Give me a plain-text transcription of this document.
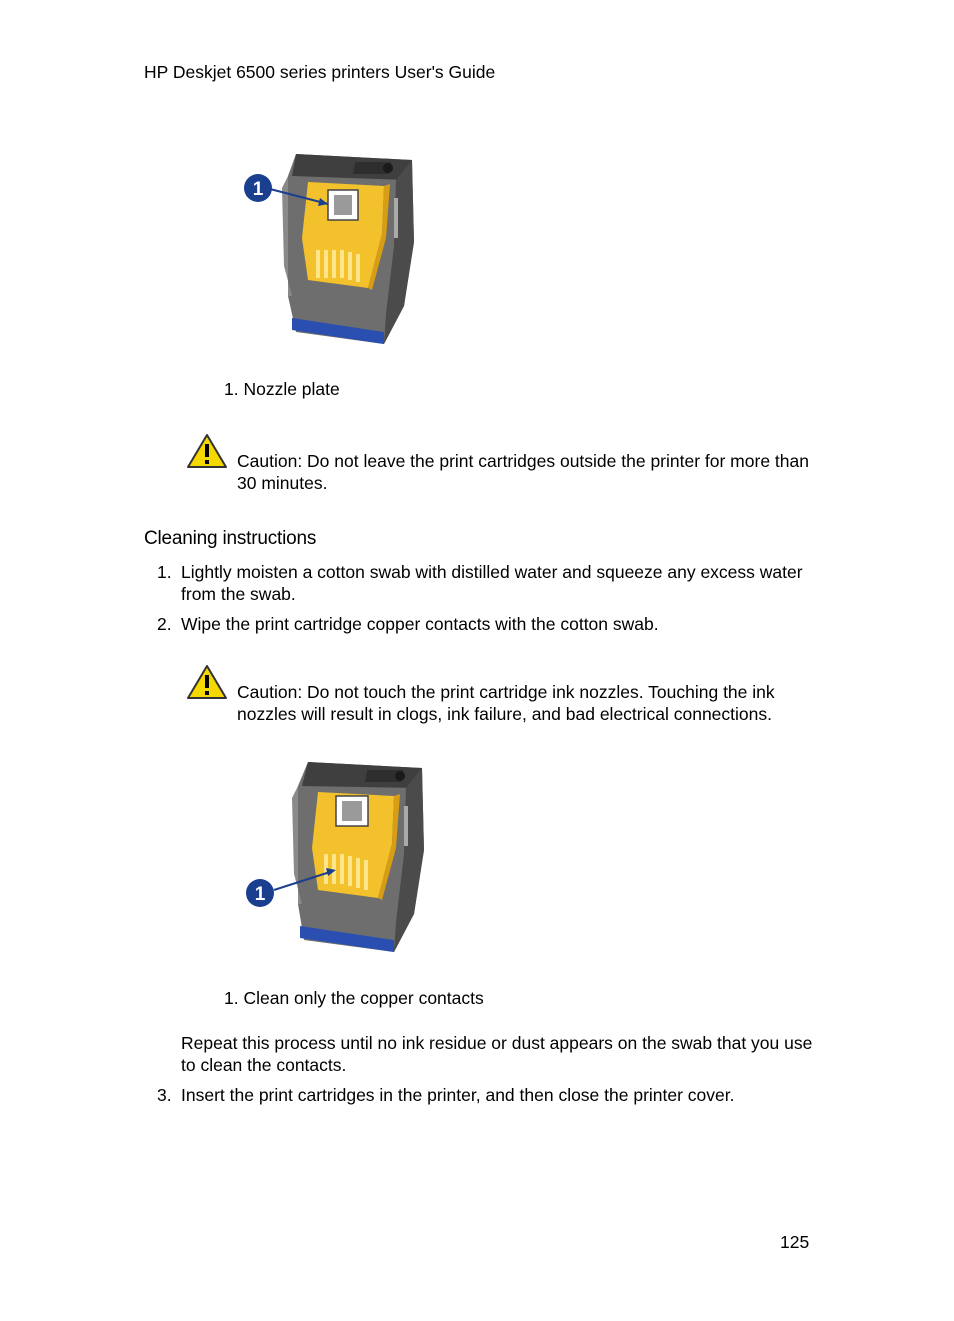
HP Deskjet 6500 series printers User's Guide
1
1. Nozzle plate
Caution: Do not leave the print cartridges outside the printer for more than 30 minutes.
Cleaning instructions
1. Lightly moisten a cotton swab with distilled water and squeeze any excess water from the swab.
2. Wipe the print cartridge copper contacts with the cotton swab.
Caution: Do not touch the print cartridge ink nozzles. Touching the ink nozzles will result in clogs, ink failure, and bad electrical connections.
1
1. Clean only the copper contacts
Repeat this process until no ink residue or dust appears on the swab that you use to clean the contacts.
3. Insert the print cartridges in the printer, and then close the printer cover.
125
